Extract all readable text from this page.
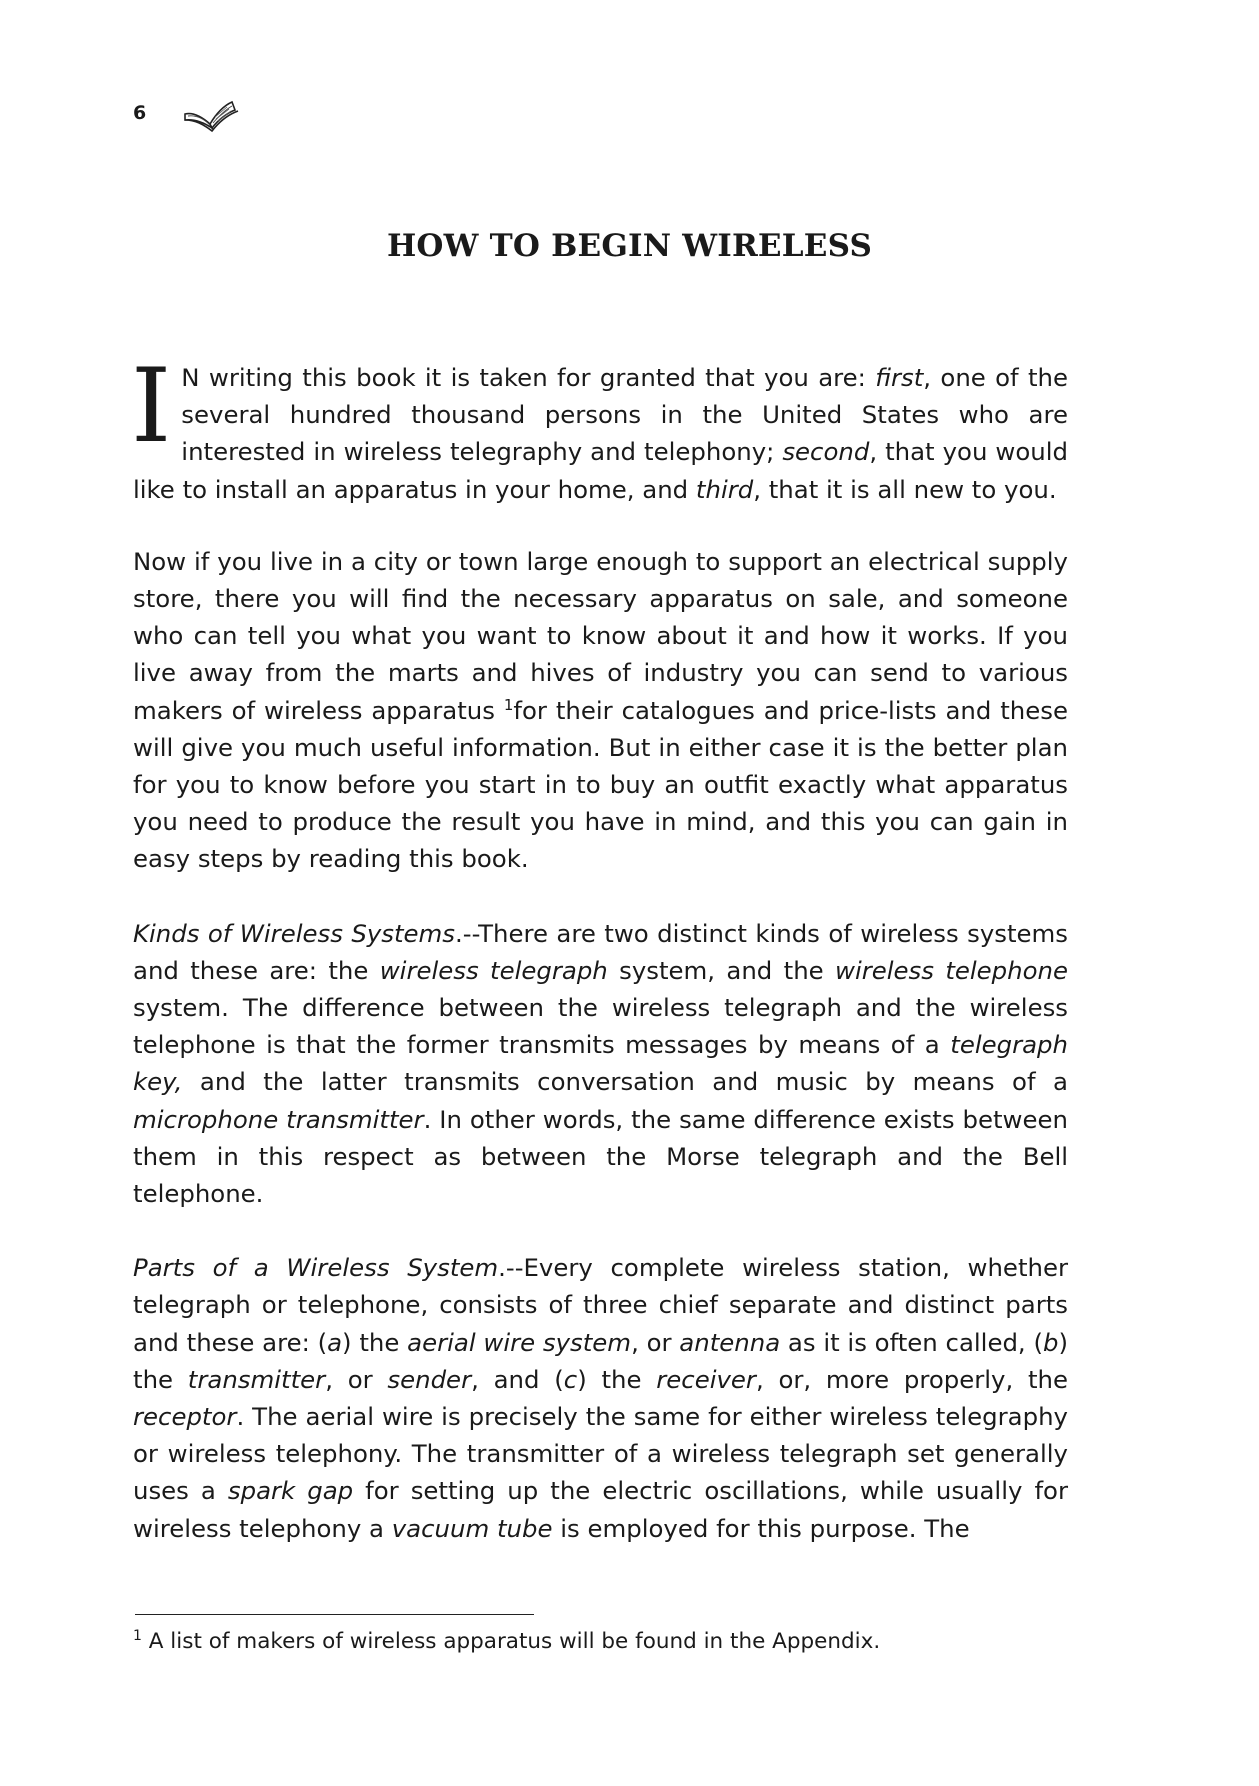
6
HOW TO BEGIN WIRELESS

I N writing this book it is taken for granted that you are: first, one of the several hundred thousand persons in the United States who are interested in wireless telegraphy and telephony; second, that you would like to install an apparatus in your home, and third, that it is all new to you.

Now if you live in a city or town large enough to support an electrical supply store, there you will find the necessary apparatus on sale, and someone who can tell you what you want to know about it and how it works. If you live away from the marts and hives of industry you can send to various makers of wireless apparatus $^1$for their catalogues and price-lists and these will give you much useful information. But in either case it is the better plan for you to know before you start in to buy an outfit exactly what apparatus you need to produce the result you have in mind, and this you can gain in easy steps by reading this book.

Kinds of Wireless Systems.--There are two distinct kinds of wireless systems and these are: the wireless telegraph system, and the wireless telephone system. The difference between the wireless telegraph and the wireless telephone is that the former transmits messages by means of a telegraph key, and the latter transmits conversation and music by means of a microphone transmitter. In other words, the same difference exists between them in this respect as between the Morse telegraph and the Bell telephone.

Parts of a Wireless System.--Every complete wireless station, whether telegraph or telephone, consists of three chief separate and distinct parts and these are: (a) the aerial wire system, or antenna as it is often called, (b) the transmitter, or sender, and (c) the receiver, or, more properly, the receptor. The aerial wire is precisely the same for either wireless telegraphy or wireless telephony. The transmitter of a wireless telegraph set generally uses a spark gap for setting up the electric oscillations, while usually for wireless telephony a vacuum tube is employed for this purpose. The

$^1$ A list of makers of wireless apparatus will be found in the Appendix.
